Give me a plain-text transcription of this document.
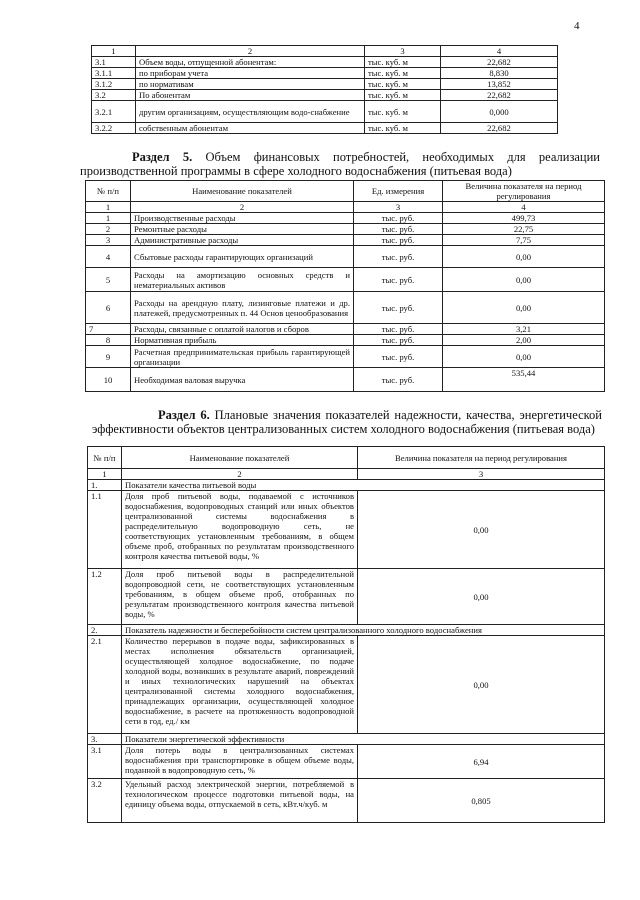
4
1	2	3	4
3.1	Объем воды, отпущенной абонентам:	тыс. куб. м	22,682
3.1.1	по приборам учета	тыс. куб. м	8,830
3.1.2	по нормативам	тыс. куб. м	13,852
3.2	По абонентам	тыс. куб. м	22,682
3.2.1	другим организациям, осуществляющим водо-снабжение	тыс. куб. м	0,000
3.2.2	собственным абонентам	тыс. куб. м	22,682

Раздел 5. Объем финансовых потребностей, необходимых для реализации производственной программы в сфере холодного водоснабжения (питьевая вода)

№ п/п	Наименование показателей	Ед. измерения	Величина показателя на период регулирования
1	2	3	4
1	Производственные расходы	тыс. руб.	499,73
2	Ремонтные расходы	тыс. руб.	22,75
3	Административные расходы	тыс. руб.	7,75
4	Сбытовые расходы гарантирующих организаций	тыс. руб.	0,00
5	Расходы на амортизацию основных средств и нематериальных активов	тыс. руб.	0,00
6	Расходы на арендную плату, лизинговые платежи и др. платежей, предусмотренных п. 44 Основ ценообразования	тыс. руб.	0,00
7	Расходы, связанные с оплатой налогов и сборов	тыс. руб.	3,21
8	Нормативная прибыль	тыс. руб.	2,00
9	Расчетная предпринимательская прибыль гарантирующей организации	тыс. руб.	0,00
10	Необходимая валовая выручка	тыс. руб.	535,44

Раздел 6. Плановые значения показателей надежности, качества, энергетической эффективности объектов централизованных систем холодного водоснабжения (питьевая вода)

№ п/п	Наименование показателей	Величина показателя на период регулирования
1	2	3
1.	Показатели качества питьевой воды	
1.1	Доля проб питьевой воды, подаваемой с источников водоснабжения, водопроводных станций или иных объектов централизованной системы водоснабжения в распределительную водопроводную сеть, не соответствующих установленным требованиям, в общем объеме проб, отобранных по результатам производственного контроля качества питьевой воды, %	0,00
1.2	Доля проб питьевой воды в распределительной водопроводной сети, не соответствующих установленным требованиям, в общем объеме проб, отобранных по результатам производственного контроля качества питьевой воды, %	0,00
2.	Показатель надежности и бесперебойности систем централизованного холодного водоснабжения	
2.1	Количество перерывов в подаче воды, зафиксированных в местах исполнения обязательств организацией, осуществляющей холодное водоснабжение, по подаче холодной воды, возникших в результате аварий, повреждений и иных технологических нарушений на объектах централизованной системы холодного водоснабжения, принадлежащих организации, осуществляющей холодное водоснабжение, в расчете на протяженность водопроводной сети в год, ед./ км	0,00
3.	Показатели энергетической эффективности	
3.1	Доля потерь воды в централизованных системах водоснабжения при транспортировке в общем объеме воды, поданной в водопроводную сеть, %	6,94
3.2	Удельный расход электрической энергии, потребляемой в технологическом процессе подготовки питьевой воды, на единицу объема воды, отпускаемой в сеть, кВт.ч/куб. м	0,805
